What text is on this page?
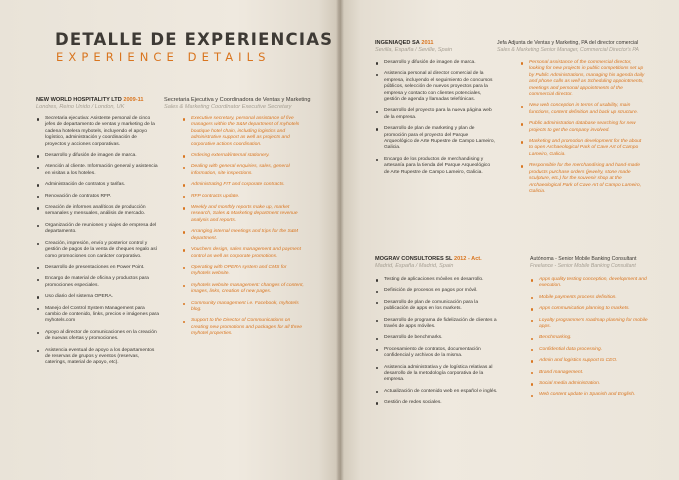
DETALLE DE EXPERIENCIAS
EXPERIENCE DETAILS
NEW WORLD HOSPITALITY LTD 2009-11
Londres, Reino Unido / London, UK
Secretaria Ejecutiva y Coordinadora de Ventas y Marketing
Sales & Marketing Coordinator Executive Secretary
Secretaria ejecutiva: Asistente personal de cinco jefes de departamento de ventas y marketing de la cadena hotelera mybotels, incluyendo el apoyo logístico, administración y coordinación de proyectos y acciones corporativas.
Desarrollo y difusión de imagen de marca.
Atención al cliente. Información general y asistencia en visitas a los hoteles.
Administración de contratos y tarifas.
Renovación de contratos RFP.
Creación de informes analíticos de producción semanales y mensuales, análisis de mercado.
Organización de reuniones y viajes de empresa del departamento.
Creación, impresión, envío y posterior control y gestión de pagos de la venta de cheques regalo así como promociones con carácter corporativo.
Desarrollo de presentaciones en Power Point.
Encargo de material de oficina y productos para promociones especiales.
Uso diario del sistema OPERA.
Manejo del Control System Management para cambio de contenido, links, precios e imágenes para myhotels.com
Apoyo al director de comunicaciones en la creación de nuevas ofertas y promociones.
Asistencia eventual de apoyo a los departamentos de reservas de grupos y eventos (reservas, caterings, material de apoyo, etc).
Executive secretary, personal assistance of five managers within the S&M department of myhotels boutique hotel chain, including logistics and administrative support as well as projects and corporative actions coordination.
Ordering external/internal stationery.
Dealing with general enquiries, sales, general information, site inspections.
Administrating FIT and corporate contracts.
RFP contracts update.
Weekly and monthly reports make up, market research, Sales & Marketing department revenue analysis and reports.
Arranging internal meetings and trips for the S&M department.
Vouchers design, sales management and payment control as well as corporate promotions.
Operating with OPERA system and CMS for myhotels website.
myhotels website management: changes of content, images, links, creation of new pages.
Community management i.e. Facebook, myhotels blog.
Support to the Director of Communications on creating new promotions and packages for all three myhotel properties.
INGENIAQED SA 2011
Sevilla, España / Seville, Spain
Jefa Adjunta de Ventas y Marketing, PA del director comercial
Sales & Marketing Senior Manager, Commercial Director's PA
Desarrollo y difusión de imagen de marca.
Asistencia personal al director comercial de la empresa, incluyendo el seguimiento de concursos públicos, selección de nuevos proyectos para la empresa y contacto con clientes potenciales, gestión de agenda y llamadas telefónicas.
Desarrollo del proyecto para la nueva página web de la empresa.
Desarrollo de plan de marketing y plan de promoción para el proyecto del Parque Arqueológico de Arte Rupestre de Campo Lameiro, Galicia.
Encargo de los productos de merchandising y artesanía para la tienda del Parque Arqueológico de Arte Rupestre de Campo Lameiro, Galicia.
Personal assistance of the commercial director, looking for new projects in public competitions set up by Public Administrations, managing his agenda daily and phone calls as well as Scheduling appointments, meetings and personal appointments of the commercial director.
New web conception in terms of usability, main functions, content definition and back up structure.
Public administration database searching for new projects to get the company involved.
Marketing and promotion development for the about to open Archaeological Park of Cave Art of Campo Lameiro, Galicia.
Responsible for the merchandising and hand-made products purchase orders (jewelry, stone made sculpture, etc.) for the souvenir shop at the Archaeological Park of Cave Art of Campo Lameiro, Galicia.
MOGRAV CONSULTORES SL 2012 - Act.
Madrid, España / Madrid, Spain
Autónoma - Senior Mobile Banking Consultant
Freelance - Senior Mobile Banking Consultant
Testing de aplicaciones móviles en desarrollo.
Definición de procesos en pagos por móvil.
Desarrollo de plan de comunicación para la publicación de apps en los markets.
Desarrollo de programa de fidelización de clientes a través de apps móviles.
Desarrollo de benchmarks.
Procesamiento de contratos, documentación confidencial y archivos de la misma.
Asistencia administrativa y de logística relativas al desarrollo de la metodología corporativa de la empresa.
Actualización de contenido web en español e inglés.
Gestión de redes sociales.
Apps quality testing conception, development and execution.
Mobile payments process definition.
Apps communication planning to markets.
Loyalty programme's roadmap planning for mobile apps.
Benchmarking.
Confidential data processing.
Admin and logistics support to CEO.
Brand management.
Social media administration.
Web content update in Spanish and English.
